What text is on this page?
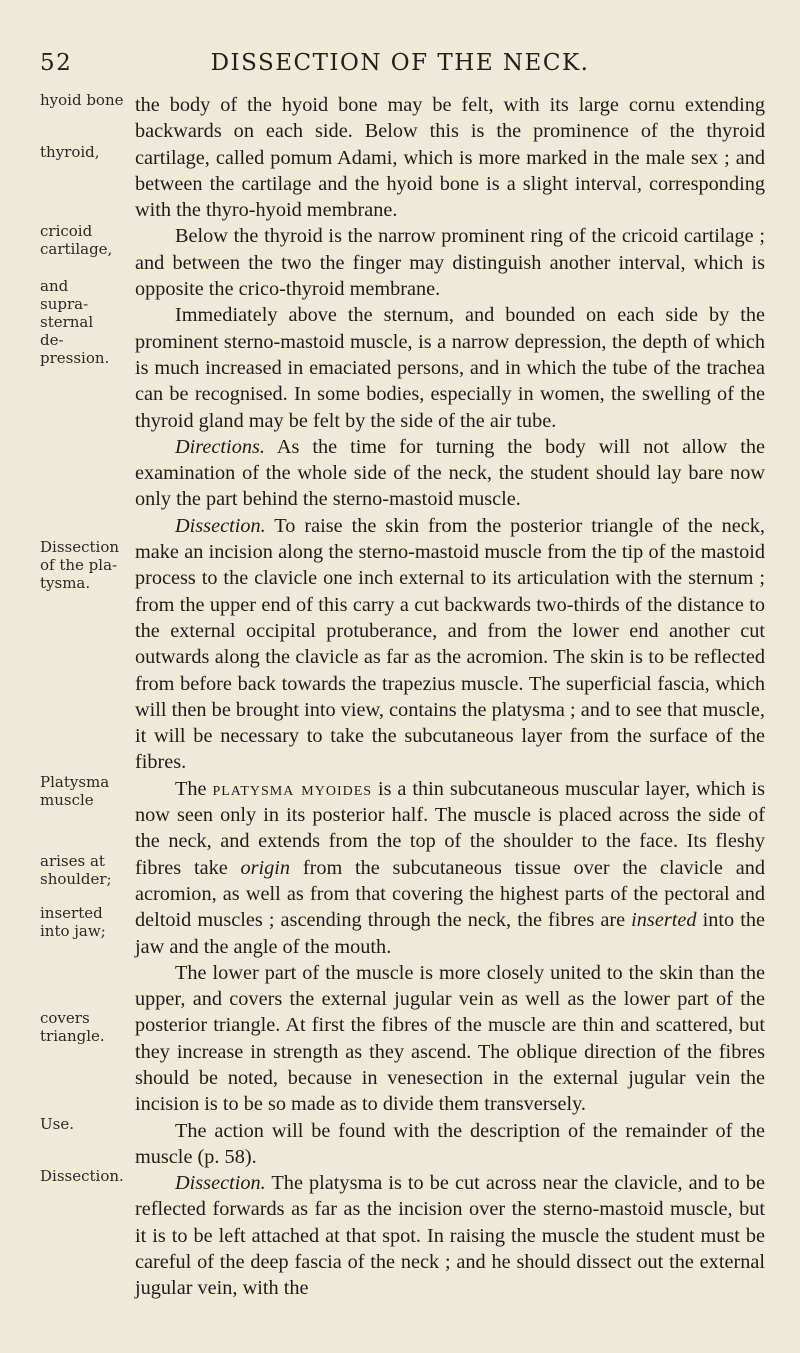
52	DISSECTION OF THE NECK.
hyoid bone
thyroid,
cricoid cartilage,
and supra-sternal de-pression.
Dissection of the pla-tysma.
Platysma muscle
arises at shoulder;
inserted into jaw;
covers triangle.
Use.
Dissection.

the body of the hyoid bone may be felt, with its large cornu extending backwards on each side. Below this is the prominence of the thyroid cartilage, called pomum Adami, which is more marked in the male sex ; and between the cartilage and the hyoid bone is a slight interval, corresponding with the thyro-hyoid membrane.

Below the thyroid is the narrow prominent ring of the cricoid cartilage ; and between the two the finger may distinguish another interval, which is opposite the crico-thyroid membrane.

Immediately above the sternum, and bounded on each side by the prominent sterno-mastoid muscle, is a narrow depression, the depth of which is much increased in emaciated persons, and in which the tube of the trachea can be recognised. In some bodies, especially in women, the swelling of the thyroid gland may be felt by the side of the air tube.

Directions. As the time for turning the body will not allow the examination of the whole side of the neck, the student should lay bare now only the part behind the sterno-mastoid muscle.

Dissection. To raise the skin from the posterior triangle of the neck, make an incision along the sterno-mastoid muscle from the tip of the mastoid process to the clavicle one inch external to its articulation with the sternum ; from the upper end of this carry a cut backwards two-thirds of the distance to the external occipital protuberance, and from the lower end another cut outwards along the clavicle as far as the acromion. The skin is to be reflected from before back towards the trapezius muscle. The superficial fascia, which will then be brought into view, contains the platysma ; and to see that muscle, it will be necessary to take the subcutaneous layer from the surface of the fibres.

The platysma myoides is a thin subcutaneous muscular layer, which is now seen only in its posterior half. The muscle is placed across the side of the neck, and extends from the top of the shoulder to the face. Its fleshy fibres take origin from the subcutaneous tissue over the clavicle and acromion, as well as from that covering the highest parts of the pectoral and deltoid muscles ; ascending through the neck, the fibres are inserted into the jaw and the angle of the mouth.

The lower part of the muscle is more closely united to the skin than the upper, and covers the external jugular vein as well as the lower part of the posterior triangle. At first the fibres of the muscle are thin and scattered, but they increase in strength as they ascend. The oblique direction of the fibres should be noted, because in venesection in the external jugular vein the incision is to be so made as to divide them transversely.

The action will be found with the description of the remainder of the muscle (p. 58).

Dissection. The platysma is to be cut across near the clavicle, and to be reflected forwards as far as the incision over the sterno-mastoid muscle, but it is to be left attached at that spot. In raising the muscle the student must be careful of the deep fascia of the neck ; and he should dissect out the external jugular vein, with the
